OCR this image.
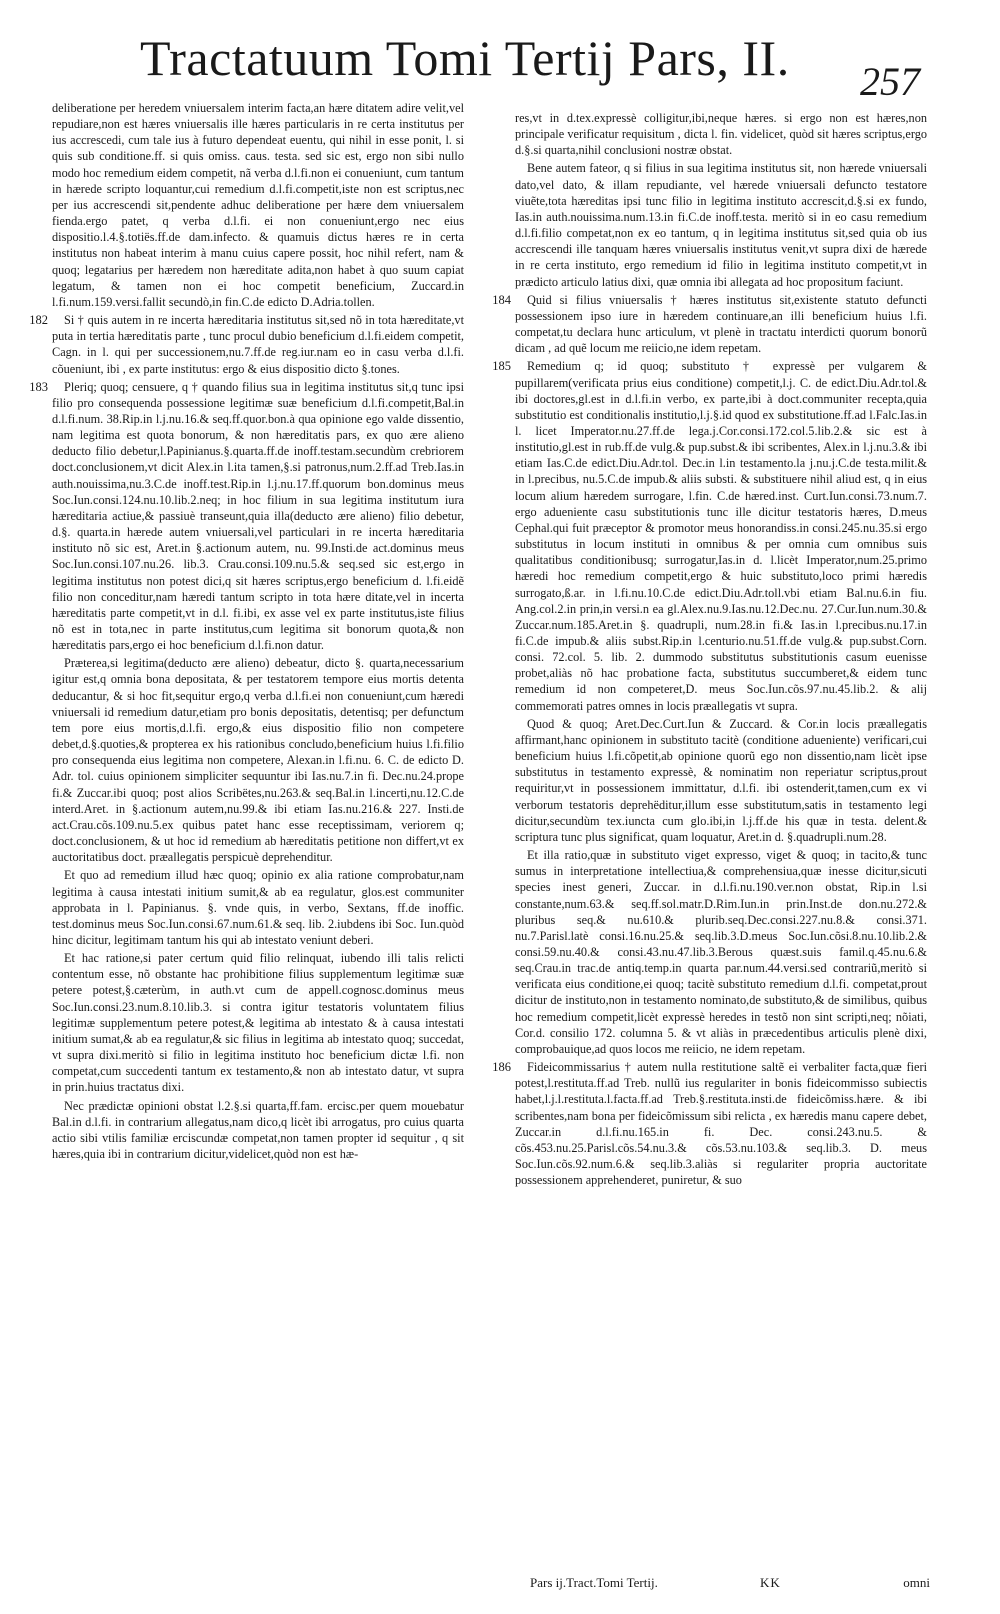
Tractatuum Tomi Tertij Pars, II. 257

deliberatione per heredem vniuersalem interim facta,an hære ditatem adire velit,vel repudiare,non est hæres vniuersalis ille hæres particularis in re certa institutus per ius accrescedi, cum tale ius à futuro dependeat euentu, qui nihil in esse ponit, l. si quis sub conditione.ff. si quis omiss. caus. testa. sed sic est, ergo non sibi nullo modo hoc remedium eidem competit, nã verba d.l.fi.non ei conueniunt, cum tantum in hærede scripto loquantur,cui remedium d.l.fi.competit,iste non est scriptus,nec per ius accrescendi sit,pendente adhuc deliberatione per hære dem vniuersalem fienda.ergo patet, q verba d.l.fi. ei non conueniunt,ergo nec eius dispositio.l.4.§.totiës.ff.de dam.infecto. & quamuis dictus hæres re in certa institutus non habeat interim à manu cuius capere possit, hoc nihil refert, nam & quoq; legatarius per hæredem non hæreditate adita,non habet à quo suum capiat legatum, & tamen non ei hoc competit beneficium, Zuccard.in l.fi.num.159.versi.fallit secundò,in fin.C.de edicto D.Adria.tollen.

182 Si † quis autem in re incerta hæreditaria institutus sit,sed nõ in tota hæreditate,vt puta in tertia hæreditatis parte , tunc procul dubio beneficium d.l.fi.eidem competit, Cagn. in l. qui per successionem,nu.7.ff.de reg.iur.nam eo in casu verba d.l.fi. cõueniunt, ibi , ex parte institutus: ergo & eius dispositio dicto §.tones.

183 Pleriq; quoq; censuere, q † quando filius sua in legitima institutus sit,q tunc ipsi filio pro consequenda possessione legitimæ suæ beneficium d.l.fi.competit,Bal.in d.l.fi.num. 38.Rip.in l.j.nu.16.& seq.ff.quor.bon.à qua opinione ego valde dissentio, nam legitima est quota bonorum, & non hæreditatis pars, ex quo ære alieno deducto filio debetur,l.Papinianus.§.quarta.ff.de inoff.testam.secundùm crebriorem doct.conclusionem,vt dicit Alex.in l.ita tamen,§.si patronus,num.2.ff.ad Treb.Ias.in auth.nouissima,nu.3.C.de inoff.test.Rip.in l.j.nu.17.ff.quorum bon.dominus meus Soc.Iun.consi.124.nu.10.lib.2.neq; in hoc filium in sua legitima institutum iura hæreditaria actiue,& passiuè transeunt,quia illa(deducto ære alieno) filio debetur, d.§. quarta.in hærede autem vniuersali,vel particulari in re incerta hæreditaria instituto nõ sic est, Aret.in §.actionum autem, nu. 99.Insti.de act.dominus meus Soc.Iun.consi.107.nu.26. lib.3. Crau.consi.109.nu.5.& seq.sed sic est,ergo in legitima institutus non potest dici,q sit hæres scriptus,ergo beneficium d. l.fi.eidẽ filio non conceditur,nam hæredi tantum scripto in tota hære ditate,vel in incerta hæreditatis parte competit,vt in d.l. fi.ibi, ex asse vel ex parte institutus,iste filius nõ est in tota,nec in parte institutus,cum legitima sit bonorum quota,& non hæreditatis pars,ergo ei hoc beneficium d.l.fi.non datur.

Præterea,si legitima(deducto ære alieno) debeatur, dicto §. quarta,necessarium igitur est,q omnia bona depositata, & per testatorem tempore eius mortis detenta deducantur, & si hoc fit,sequitur ergo,q verba d.l.fi.ei non conueniunt,cum hæredi vniuersali id remedium datur,etiam pro bonis depositatis, detentisq; per defunctum tem pore eius mortis,d.l.fi. ergo,& eius dispositio filio non competere debet,d.§.quoties,& propterea ex his rationibus concludo,beneficium huius l.fi.filio pro consequenda eius legitima non competere, Alexan.in l.fi.nu. 6. C. de edicto D. Adr. tol. cuius opinionem simpliciter sequuntur ibi Ias.nu.7.in fi. Dec.nu.24.prope fi.& Zuccar.ibi quoq; post alios Scribëtes,nu.263.& seq.Bal.in l.incerti,nu.12.C.de interd.Aret. in §.actionum autem,nu.99.& ibi etiam Ias.nu.216.& 227. Insti.de act.Crau.cõs.109.nu.5.ex quibus patet hanc esse receptissimam, veriorem q; doct.conclusionem, & ut hoc id remedium ab hæreditatis petitione non differt,vt ex auctoritatibus doct. præallegatis perspicuè deprehenditur.

Et quo ad remedium illud hæc quoq; opinio ex alia ratione comprobatur,nam legitima à causa intestati initium sumit,& ab ea regulatur, glos.est communiter approbata in l. Papinianus. §. vnde quis, in verbo, Sextans, ff.de inoffic. test.dominus meus Soc.Iun.consi.67.num.61.& seq. lib. 2.iubdens ibi Soc. Iun.quòd hinc dicitur, legitimam tantum his qui ab intestato veniunt deberi.

Et hac ratione,si pater certum quid filio relinquat, iubendo illi talis relicti contentum esse, nõ obstante hac prohibitione filius supplementum legitimæ suæ petere potest,§.cæterùm, in auth.vt cum de appell.cognosc.dominus meus Soc.Iun.consi.23.num.8.10.lib.3. si contra igitur testatoris voluntatem filius legitimæ supplementum petere potest,& legitima ab intestato & à causa intestati initium sumat,& ab ea regulatur,& sic filius in legitima ab intestato quoq; succedat, vt supra dixi.meritò si filio in legitima instituto hoc beneficium dictæ l.fi. non competat,cum succedenti tantum ex testamento,& non ab intestato datur, vt supra in prin.huius tractatus dixi.

Nec prædictæ opinioni obstat l.2.§.si quarta,ff.fam. ercisc.per quem mouebatur Bal.in d.l.fi. in contrarium allegatus,nam dico,q licèt ibi arrogatus, pro cuius quarta actio sibi vtilis familiæ erciscundæ competat,non tamen propter id sequitur , q sit hæres,quia ibi in contrarium dicitur,videlicet,quòd non est hæ-

res,vt in d.tex.expressè colligitur,ibi,neque hæres. si ergo non est hæres,non principale verificatur requisitum , dicta l. fin. videlicet, quòd sit hæres scriptus,ergo d.§.si quarta,nihil conclusioni nostræ obstat.

Bene autem fateor, q si filius in sua legitima institutus sit, non hærede vniuersali dato,vel dato, & illam repudiante, vel hærede vniuersali defuncto testatore viuẽte,tota hæreditas ipsi tunc filio in legitima instituto accrescit,d.§.si ex fundo, Ias.in auth.nouissima.num.13.in fi.C.de inoff.testa. meritò si in eo casu remedium d.l.fi.filio competat,non ex eo tantum, q in legitima institutus sit,sed quia ob ius accrescendi ille tanquam hæres vniuersalis institutus venit,vt supra dixi de hærede in re certa instituto, ergo remedium id filio in legitima instituto competit,vt in prædicto articulo latius dixi, quæ omnia ibi allegata ad hoc propositum faciunt.

184 Quid si filius vniuersalis † hæres institutus sit,existente statuto defuncti possessionem ipso iure in hæredem continuare,an illi beneficium huius l.fi. competat,tu declara hunc articulum, vt plenè in tractatu interdicti quorum bonorũ dicam , ad quẽ locum me reiicio,ne idem repetam.

185 Remedium q; id quoq; substituto † expressè per vulgarem & pupillarem(verificata prius eius conditione) competit,l.j. C. de edict.Diu.Adr.tol.& ibi doctores,gl.est in d.l.fi.in verbo, ex parte,ibi à doct.communiter recepta,quia substitutio est conditionalis institutio,l.j.§.id quod ex substitutione.ff.ad l.Falc.Ias.in l. licet Imperator.nu.27.ff.de lega.j.Cor.consi.172.col.5.lib.2.& sic est à institutio,gl.est in rub.ff.de vulg.& pup.subst.& ibi scribentes, Alex.in l.j.nu.3.& ibi etiam Ias.C.de edict.Diu.Adr.tol. Dec.in l.in testamento.la j.nu.j.C.de testa.milit.& in l.precibus, nu.5.C.de impub.& aliis substi. & substituere nihil aliud est, q in eius locum alium hæredem surrogare, l.fin. C.de hæred.inst. Curt.Iun.consi.73.num.7. ergo adueniente casu substitutionis tunc ille dicitur testatoris hæres, D.meus Cephal.qui fuit præceptor & promotor meus honorandiss.in consi.245.nu.35.si ergo substitutus in locum instituti in omnibus & per omnia cum omnibus suis qualitatibus conditionibusq; surrogatur,Ias.in d. l.licèt Imperator,num.25.primo hæredi hoc remedium competit,ergo & huic substituto,loco primi hæredis surrogato,ß.ar. in l.fi.nu.10.C.de edict.Diu.Adr.toll.vbi etiam Bal.nu.6.in fiu. Ang.col.2.in prin,in versi.n ea gl.Alex.nu.9.Ias.nu.12.Dec.nu. 27.Cur.Iun.num.30.& Zuccar.num.185.Aret.in §. quadrupli, num.28.in fi.& Ias.in l.precibus.nu.17.in fi.C.de impub.& aliis subst.Rip.in l.centurio.nu.51.ff.de vulg.& pup.subst.Corn. consi. 72.col. 5. lib. 2. dummodo substitutus substitutionis casum euenisse probet,aliàs nõ hac probatione facta, substitutus succumberet,& eidem tunc remedium id non competeret,D. meus Soc.Iun.cõs.97.nu.45.lib.2. & alij commemorati patres omnes in locis præallegatis vt supra.

Quod & quoq; Aret.Dec.Curt.Iun & Zuccard. & Cor.in locis præallegatis affirmant,hanc opinionem in substituto tacitè (conditione adueniente) verificari,cui beneficium huius l.fi.cõpetit,ab opinione quorũ ego non dissentio,nam licèt ipse substitutus in testamento expressè, & nominatim non reperiatur scriptus,prout requiritur,vt in possessionem immittatur, d.l.fi. ibi ostenderit,tamen,cum ex vi verborum testatoris deprehëditur,illum esse substitutum,satis in testamento legi dicitur,secundùm tex.iuncta cum glo.ibi,in l.j.ff.de his quæ in testa. delent.& scriptura tunc plus significat, quam loquatur, Aret.in d. §.quadrupli.num.28.

Et illa ratio,quæ in substituto viget expresso, viget & quoq; in tacito,& tunc sumus in interpretatione intellectiua,& comprehensiua,quæ inesse dicitur,sicuti species inest generi, Zuccar. in d.l.fi.nu.190.ver.non obstat, Rip.in l.si constante,num.63.& seq.ff.sol.matr.D.Rim.Iun.in prin.Inst.de don.nu.272.& pluribus seq.& nu.610.& plurib.seq.Dec.consi.227.nu.8.& consi.371. nu.7.Parisl.latè consi.16.nu.25.& seq.lib.3.D.meus Soc.Iun.cõsi.8.nu.10.lib.2.& consi.59.nu.40.& consi.43.nu.47.lib.3.Berous quæst.suis famil.q.45.nu.6.& seq.Crau.in trac.de antiq.temp.in quarta par.num.44.versi.sed contrariũ,meritò si verificata eius conditione,ei quoq; tacitè substituto remedium d.l.fi. competat,prout dicitur de instituto,non in testamento nominato,de substituto,& de similibus, quibus hoc remedium competit,licèt expressè heredes in testõ non sint scripti,neq; nõiati, Cor.d. consilio 172. columna 5. & vt aliàs in præcedentibus articulis plenè dixi, comprobauique,ad quos locos me reiicio, ne idem repetam.

186 Fideicommissarius † autem nulla restitutione saltẽ ei verbaliter facta,quæ fieri potest,l.restituta.ff.ad Treb. nullũ ius regulariter in bonis fideicommisso subiectis habet,l.j.l.restituta.l.facta.ff.ad Treb.§.restituta.insti.de fideicõmiss.hære. & ibi scribentes,nam bona per fideicõmissum sibi relicta , ex hæredis manu capere debet, Zuccar.in d.l.fi.nu.165.in fi. Dec. consi.243.nu.5. & cõs.453.nu.25.Parisl.cõs.54.nu.3.& cõs.53.nu.103.& seq.lib.3. D. meus Soc.Iun.cõs.92.num.6.& seq.lib.3.aliàs si regulariter propria auctoritate possessionem apprehenderet, puniretur, & suo

Pars ij.Tract.Tomi Tertij.	KK	omni
